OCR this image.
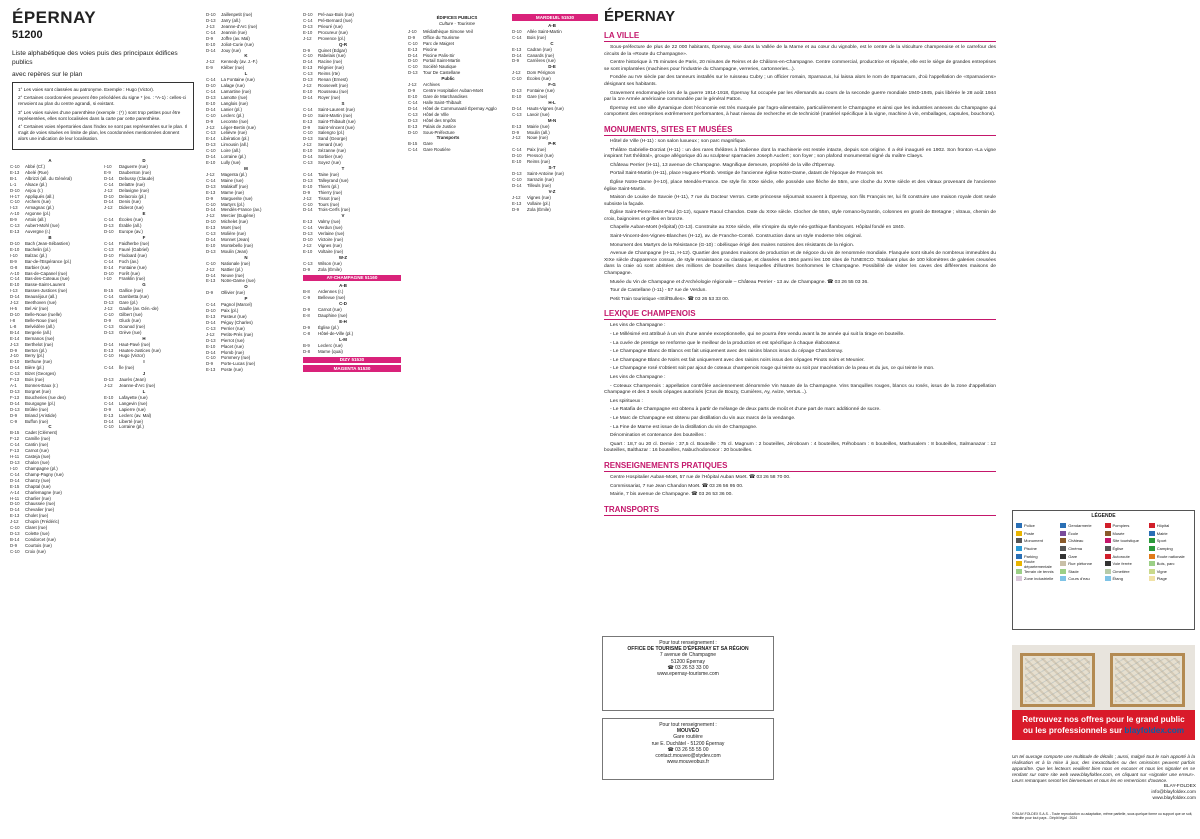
ÉPERNAY
51200
Liste alphabétique des voies puis des principaux édifices publics
avec repères sur le plan

1° Les voies sont classées au patronyme. Exemple : Hugo (Victor).

2° Certaines coordonnées peuvent être précédées du signe * (ex. : *A-1) : celles-ci renvoient au plan du centre agrandi, si existant.

3° Les voies suivies d'une parenthèse (exemple : (*) ) sont trop petites pour être représentées, elles sont localisées dans la carte par cette parenthèse.

4° Certaines voies répertoriées dans l'index ne sont pas représentées sur le plan. Il s'agit de voies situées en limite de plan, les coordonnées mentionnées donnent alors une indication de leur localisation.

A
C-10 Abbé (Cf.)
E-13 Abelé (Rue)
B-1 Albrizzi (all. du Général)
L-1 Alsace (pl.)
D-10 Anjou (r.)
H-17 Appliqués (all.)
C-10 Archers (rue)
I-13 Armagnac (pl.)
A-10 Argonne (pl.)
B-9 Artois (all.)
C-13 Aubert-Mohl (rue)
E-13 Auvergne (r.)
B
D-10 Bach (Jean-Sébastien)
E-10 Bachelin (pl.)
I-10 Balzac (pl.)
B-9 Bar-de-l'Espérance (pl.)
G-8 Barbier (rue)
A-10 Bas-de-Capanel (rue)
C-14 Bas-des-Coteaux (rue)
E-10 Basse-Saint-Laurent
I-13 Basses-Justices (rue)
D-14 Beauséjour (all.)
J-12 Beethoven (rue)
H-5 Bel Air (rue)
D-10 Belle-Noue (ruelle)
I-8 Belle-Noue (rue)
L-8 Belvédère (all.)
B-14 Bergerie (all.)
E-14 Bernanos (rue)
J-13 Berthelot (rue)
D-9 Berton (pl.)
J-10 Berry (pl.)
E-10 Bethune (rue)
D-14 Bière (pl.)
C-13 Bizet (Georges)
F-13 Bois (rue)
A-1 Bonnes-Eaux (r.)
D-13 Borgnet (rue)
F-13 Boucheries (rue des)
D-14 Bourgogne (pl.)
D-13 Brûlée (rue)
D-9 Briand (Aristide)
C-9 Buffon (rue)
C
B-15 Cadet (Clément)
F-12 Camille (rue)
C-14 Cantin (rue)
F-13 Carnot (rue)
H-11 Casteja (rue)
D-13 Chalon (rue)
I-10 Champagne (pl.)
C-14 Champ-Pagny (rue)
D-14 Chanzy (rue)
E-15 Chaptal (rue)
A-14 Charlemagne (rue)
H-11 Charlier (rue)
D-10 Chaussée (rue)
D-14 Chevalier (rue)
E-13 Cholet (rue)
J-12 Chopin (Frédéric)
C-10 Claret (rue)
D-13 Colette (rue)
B-14 Condorcet (rue)
D-9 Courtois (rue)
C-10 Croix (rue)
D
I-10 Daguerre (rue)
E-9 Daubenton (rue)
D-14 Debussy (Claude)
C-14 Delattre (rue)
J-12 Delavigne (rue)
D-10 Delacroix (pl.)
D-14 Denis (rue)
J-12 Diderot (rue)
E
C-14 Écoles (rue)
D-13 Érable (all.)
D-10 Europe (av.)
F
C-14 Faidherbe (rue)
C-13 Fauré (Gabriel)
D-10 Flodoard (rue)
C-14 Foch (av.)
E-14 Fontaine (rue)
D-10 Forêt (rue)
I-10 Franklin (rue)
G
B-15 Gallice (rue)
C-14 Gambetta (rue)
D-13 Gare (pl.)
J-12 Gaulle (av. Gén.-de)
C-10 Gilbert (rue)
D-9 Gluck (rue)
C-13 Gounod (rue)
D-13 Grève (rue)
H
D-14 Haut-Pavé (rue)
E-13 Hautes-Justices (rue)
C-10 Hugo (Victor)
I
C-14 Île (rue)
J
D-13 Jaurès (Jean)
J-12 Jeanne-d'Arc (rue)
L
E-10 Lafayette (rue)
C-14 Langevin (rue)
D-9 Lapierre (rue)
E-13 Leclerc (av. Mal)
D-14 Liberté (rue)
C-10 Lorraine (pl.)
D-10 Jaillenpetit (rue)
D-13 Jarry (all.)
J-13 Jeanne-d'Arc (rue)
C-14 Jeannin (rue)
D-9 Joffre (av. Mal)
E-10 Joliot-Curie (rue)
D-14 Jouy (rue)
K
J-12 Kennedy (av. J.-F.)
E-9 Kléber (rue)
L
C-14 La Fontaine (rue)
D-10 Lalage (rue)
C-14 Lamartine (rue)
D-13 Lamotte (rue)
E-10 Langlois (rue)
D-14 Lanier (pl.)
C-10 Leclerc (pl.)
D-9 Lecomte (rue)
J-12 Léger-Bertin (rue)
C-13 Lelièvre (rue)
E-14 Libération (pl.)
D-13 Limousin (all.)
C-10 Loire (all.)
D-14 Lorraine (pl.)
E-10 Lully (rue)
M
J-12 Magenta (pl.)
C-14 Maine (rue)
D-13 Malakoff (rue)
E-13 Marne (rue)
D-9 Marguerite (rue)
C-10 Martyrs (pl.)
D-14 Mendès-France (av.)
J-12 Mercier (Eugène)
D-10 Michelet (rue)
E-13 Moët (rue)
C-13 Molière (rue)
D-14 Monnet (Jean)
E-10 Montebello (rue)
D-13 Moulin (Jean)
N
C-10 Nationale (rue)
J-12 Nattier (pl.)
D-14 Neuve (rue)
E-13 Notre-Dame (rue)
O
D-9 Ollivier (rue)
P
C-14 Pagnol (Marcel)
D-10 Paix (pl.)
E-13 Pasteur (rue)
D-14 Péguy (Charles)
C-13 Perrier (rue)
J-12 Petits-Prés (rue)
D-13 Pierrot (rue)
E-10 Placet (rue)
D-14 Plomb (rue)
C-10 Pommery (rue)
D-9 Porte-Lucas (rue)
E-13 Poste (rue)
D-10 Pré-aux-Bois (rue)
C-14 Pré-Bernard (rue)
D-13 Prieuré (rue)
E-10 Procureur (rue)
J-12 Provence (pl.)
Q-R
D-9 Quinet (Edgar)
C-10 Rabelais (rue)
D-14 Racine (rue)
E-13 Régnier (rue)
C-13 Reims (rte)
D-13 Renan (Ernest)
J-12 Roosevelt (rue)
E-10 Rousseau (rue)
D-14 Royer (rue)
S
C-14 Saint-Laurent (rue)
D-10 Saint-Martin (rue)
E-13 Saint-Thibault (rue)
D-9 Saint-Vincent (rue)
C-10 Salengro (pl.)
D-13 Sand (George)
J-12 Senard (rue)
E-10 Sézanne (rue)
D-14 Sorbier (rue)
C-13 Soyez (rue)
T
C-14 Taine (rue)
D-13 Talleyrand (rue)
E-10 Thiers (pl.)
D-9 Thierry (rue)
J-12 Tissot (rue)
C-10 Tours (rue)
D-14 Trois-Cerfs (rue)
V
E-13 Valmy (rue)
C-14 Verdun (rue)
D-13 Verlaine (rue)
D-10 Victoire (rue)
J-12 Vignes (rue)
E-10 Voltaire (rue)
W-Z
C-13 Wilson (rue)
D-9 Zola (Émile)
AY-CHAMPAGNE 51160
A-B
B-8 Ardennes (r.)
C-9 Bellevue (rue)
C-D
D-9 Carnot (rue)
E-8 Dauphine (rue)
E-H
D-9 Église (pl.)
C-8 Hôtel-de-Ville (pl.)
L-M
B-9 Leclerc (rue)
D-8 Marne (quai)
DIZY 51530
MAGENTA 51530
ÉDIFICES PUBLICS
Culture - Tourisme
J-10 Médiathèque Simone Veil
D-9 Office du Tourisme
C-10 Parc de Maigret
E-13 Piscine
D-14 Piscine Palis-Sir
D-10 Portail Saint-Martin
C-10 Société Nautique
D-13 Tour De Castellane
Public
J-12 Archives
D-9 Centre Hospitalier Auban-Moët
E-10 Gare de Marchandises
C-14 Halle Saint-Thibault
D-14 Hôtel de Communauté Épernay Agglo
C-13 Hôtel de Ville
D-13 Hôtel des Impôts
E-13 Palais de Justice
D-10 Sous-Préfecture
Transports
B-15 Gare
C-14 Gare Routière
MARDEUIL 51530
A-B
D-10 Allée Saint-Martin
C-14 Bois (rue)
C
E-13 Cadran (rue)
D-14 Canards (rue)
D-9 Carrières (rue)
D-E
J-12 Dom Pérignon
C-10 Écoles (rue)
F-G
D-13 Fontaine (rue)
E-10 Gare (rue)
H-L
D-14 Hauts-Vignes (rue)
C-13 Lavoir (rue)
M-N
E-13 Mairie (rue)
D-9 Moulin (all.)
J-12 Noue (rue)
P-R
C-14 Paix (rue)
D-10 Pressoir (rue)
E-10 Reims (rue)
S-T
D-13 Saint-Antoine (rue)
C-10 Sarrazin (rue)
D-14 Tilleuls (rue)
V-Z
J-12 Vignes (rue)
E-13 Vollaire (pl.)
D-9 Zola (Émile)
Pour tout renseignement :
OFFICE DE TOURISME D'ÉPERNAY ET SA RÉGION
7 avenue de Champagne
51200 Épernay
☎ 03 26 53 33 00
www.epernay-tourisme.com
Pour tout renseignement :
MOUVÉO
Gare routière
rue E. Duchâtel - 51200 Épernay
☎ 03 26 55 55 00
contact.mouveo@stydev.com
www.mouveobus.fr
ÉPERNAY
LA VILLE

Sous-préfecture de plus de 22 000 habitants, Épernay, sise dans la Vallée de la Marne et au cœur du vignoble, est le centre de la viticulture champenoise et le carrefour des circuits de la «Route du Champagne».

Centre historique à 75 minutes de Paris, 20 minutes de Reims et de Châlons-en-Champagne. Centre commercial, productrice et réputée, elle est le siège de grandes entreprises se sont implantées (machines pour l'industrie du Champagne, verreries, cartonneries...).

Fondée au IVe siècle par des tanneurs installés sur le ruisseau Cubry ; un officier romain, Sparnacus, lui laissa alors le nom de Sparnacum, d'où l'appellation de «Sparnaciens» désignant ses habitants.

Gravement endommagée lors de la guerre 1914-1918, Épernay fut occupée par les Allemands au cours de la seconde guerre mondiale 1940-1945, puis libérée le 28 août 1944 par la 1re Armée américaine commandée par le général Patton.

Épernay est une ville dynamique dont l'économie est très marquée par l'agro-alimentaire, particulièrement le Champagne et ainsi que les industries annexes du Champagne qui comportent des entreprises extrêmement performantes, à haut niveau de recherche et de technicité (matériel spécifique à la vigne, machine à vin, emballages, capsules, bouchons).

MONUMENTS, SITES ET MUSÉES

Hôtel de Ville (H-11) : son salon luxueux ; son parc magnifique.

Théâtre Gabrielle-Dorziat (H-11) : un des rares théâtres à l'italienne dont la machinerie est restée intacte, depuis son origine. Il a été inauguré en 1902. Son fronton «La vigne inspirant l'art théâtral», groupe allégorique dû au sculpteur sparnacien Joseph Auclert ; son foyer ; son plafond monumental signé du maître Claeys.

Château Perrier (H-11), 13 avenue de Champagne. Magnifique demeure, propriété de la ville d'Épernay.

Portail Saint-Martin (H-11), place Hugues-Plomb. Vestige de l'ancienne église Notre-Dame, datant de l'époque de François Ier.

Église Notre-Dame (H-10), place Mendès-France. De style fin XIXe siècle, elle possède une flèche de 55m, une cloche du XVIIe siècle et des vitraux provenant de l'ancienne église Saint-Martin.

Maison de Louise de Savoie (H-11), 7 rue du Docteur Verron. Cette princesse séjournait souvent à Épernay, son fils François Ier, lui fit construire une maison royale dont seule subsiste la façade.

Église Saint-Pierre-Saint-Paul (G-12), square Raoul Chandon. Date du XIXe siècle. Clocher de 55m, style romano-byzantin, colonnes en granit de Bretagne ; vitraux, chemin de croix, baignoires et grilles en bronze.

Chapelle Auban-Moët (Hôpital) (G-13). Construite au XIXe siècle, elle s'inspire du style néo-gothique flamboyant. Hôpital fondé en 1840.

Saint-Vincent-des-Vignes-Blanches (H-12), av. de Franche-Comté. Construction dans un style moderne très original.

Monument des Martyrs de la Résistance (G-10) : obélisque érigé des maires notoires des résistants de la région.

Avenue de Champagne (H-11, H-12). Quartier des grandes maisons de production et de négoce du vin de renommée mondiale. Flanquée sont situés de nombreux immeubles du XIXe siècle d'apparence cossue, de style renaissance ou classique, et classées en 1964 parmi les 100 sites de l'UNESCO. Totalisant plus de 100 kilomètres de galeries creusées dans la craie où sont abritées des millions de bouteilles dans lesquelles d'illustres bonhommes le Champagne. Possibilité de visiter les caves des différentes maisons de Champagne.

Musée du Vin de Champagne et d'Archéologie régionale – Château Perrier - 13 av. de Champagne. ☎ 03 26 55 03 36.

Tour de Castellane (I-11) - 57 rue de Verdun.

Petit Train touristique «Still'Bulles». ☎ 03 26 53 33 00.

LEXIQUE CHAMPENOIS

Les vins de Champagne :

- Le Millésimé est attribué à un vin d'une année exceptionnelle, qui ne pourra être vendu avant la 3e année qui suit la tirage en bouteille.

- La cuvée de prestige se renforme que le meilleur de la production et est spécifique à chaque élaborateur.

- Le Champagne Blanc de Blancs est fait uniquement avec des raisins blancs issus du cépage Chardonnay.

- Le Champagne Blanc de Noirs est fait uniquement avec des raisins noirs issus des cépages Pinots noirs et Meunier.

- Le Champagne rosé s'obtient soit par ajout de coteaux champenois rouge qui teinte ou soit par macération de la peau et du jus, ce qui teinte le mon.

Les vins de Champagne :

- Coteaux Champenois : appellation contrôlée anciennement dénommée Vin Nature de la Champagne. Vins tranquilles rouges, blancs ou rosés, issus de la zone d'appellation Champagne et des 3 seuls cépages autorisés (Crus de Bouzy, Cumières, Ay, Avize, Vertus...).

Les spiritueux :

- Le Ratafia de Champagne est obtenu à partir de mélange de deux parts de moût et d'une part de marc additionné de sucre.

- Le Marc de Champagne est obtenu par distillation du vin aux marcs de la vendange.

- La Fine de Marne est issue de la distillation du vin de Champagne.

Dénomination et contenance des bouteilles :

Quart : 18,7 ou 20 cl. Demie : 37,5 cl. Bouteille : 75 cl. Magnum : 2 bouteilles, Jéroboam : 4 bouteilles, Réhoboam : 6 bouteilles, Mathusalem : 8 bouteilles, Salmanazar : 12 bouteilles, Balthazar : 16 bouteilles, Nabuchodonosor : 20 bouteilles.

RENSEIGNEMENTS PRATIQUES

Centre Hospitalier Auban-Moët, 57 rue de l'Hôpital Auban Moët. ☎ 03 26 58 70 00.

Commissariat, 7 rue Jean Chandon Moët. ☎ 03 26 56 95 00.

Mairie, 7 bis avenue de Champagne. ☎ 03 26 53 36 00.

TRANSPORTS
LÉGENDE
Police	Gendarmerie	Pompiers	Hôpital
Poste	École	Musée	Mairie
Monument	Château	Site touristique	Sport
Piscine	Cinéma	Église	Camping
Parking	Gare	Autoroute	Route nationale
Route départementale	Rue piétonne	Voie ferrée	Bois, parc
Terrain de tennis	Stade	Cimetière	Vigne
Zone industrielle	Cours d'eau	Étang	Plage
Retrouvez nos offres pour le grand public
ou les professionnels sur blayfoldex.com
Un tel ouvrage comporte une multitude de détails ; aussi, malgré tout le soin apporté à la réalisation et à la mise à jour, des inexactitudes ou des omissions peuvent parfois apparaître. Que les lecteurs veuillent bien nous en excuser et nous les signaler en se rendant sur notre site web www.blayfoldex.com, en cliquant sur «signaler une erreur». Leurs remarques seront les bienvenues et nous les en remercions d'avance.
BLAY-FOLDEX
info@blayfoldex.com
www.blayfoldex.com
© BLAY-FOLDEX S.A.S. - Toute reproduction ou adaptation, même partielle, sous quelque forme ou support que ce soit, interdite pour tout pays - Dépôt légal : 2024
